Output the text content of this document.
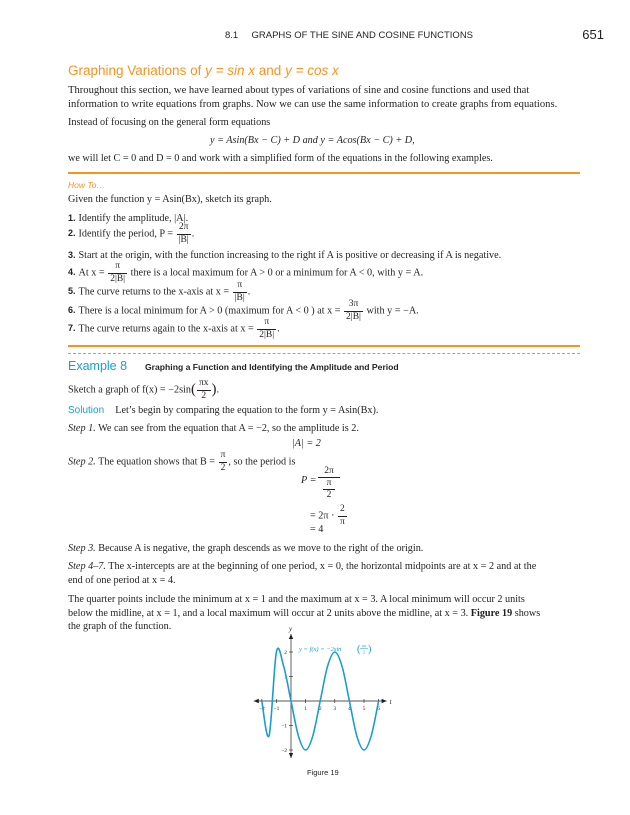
8.1 GRAPHS OF THE SINE AND COSINE FUNCTIONS	651
Graphing Variations of y = sin x and y = cos x
Throughout this section, we have learned about types of variations of sine and cosine functions and used that
information to write equations from graphs. Now we can use the same information to create graphs from equations.
Instead of focusing on the general form equations
y = Asin(Bx − C) + D and y = Acos(Bx − C) + D,
we will let C = 0 and D = 0 and work with a simplified form of the equations in the following examples.
How To…
Given the function y = Asin(Bx), sketch its graph.
1. Identify the amplitude, |A|.
2. Identify the period, $P = \frac{2\pi}{|B|}$ .
3. Start at the origin, with the function increasing to the right if A is positive or decreasing if A is negative.
4. At $x = \frac{\pi}{2|B|}$ there is a local maximum for A > 0 or a minimum for A < 0, with y = A.
5. The curve returns to the x-axis at $x = \frac{\pi}{|B|}$ .
6. There is a local minimum for A > 0 (maximum for A < 0 ) at $x = \frac{3\pi}{2|B|}$ with y = −A.
7. The curve returns again to the x-axis at $x = \frac{\pi}{2|B|}$ .
Example 8 Graphing a Function and Identifying the Amplitude and Period
Sketch a graph of $f(x) = -2\sin( \frac{\pi x}{2}$ ).
Solution Let’s begin by comparing the equation to the form y = Asin(Bx).
Step 1. We can see from the equation that A = −2, so the amplitude is 2.
|A| = 2
Step 2. The equation shows that $B = \frac{\pi}{2}$ , so the period is
P =
2π
π
2
= $2\pi \cdot \frac{2}{\pi}$
= 4
Step 3. Because A is negative, the graph descends as we move to the right of the origin.
Step 4–7. The x-intercepts are at the beginning of one period, x = 0, the horizontal midpoints are at x = 2 and at the
end of one period at x = 4.
The quarter points include the minimum at x = 1 and the maximum at x = 3. A local minimum will occur 2 units
below the midline, at x = 1, and a local maximum will occur at 2 units above the midline, at x = 3. Figure 19 shows
the graph of the function.
t
y
−2 −1	1 2 3 4 5 6
−2
−1
1
2 y = f(x) = −2sin
πx
2
( )
Figure 19
